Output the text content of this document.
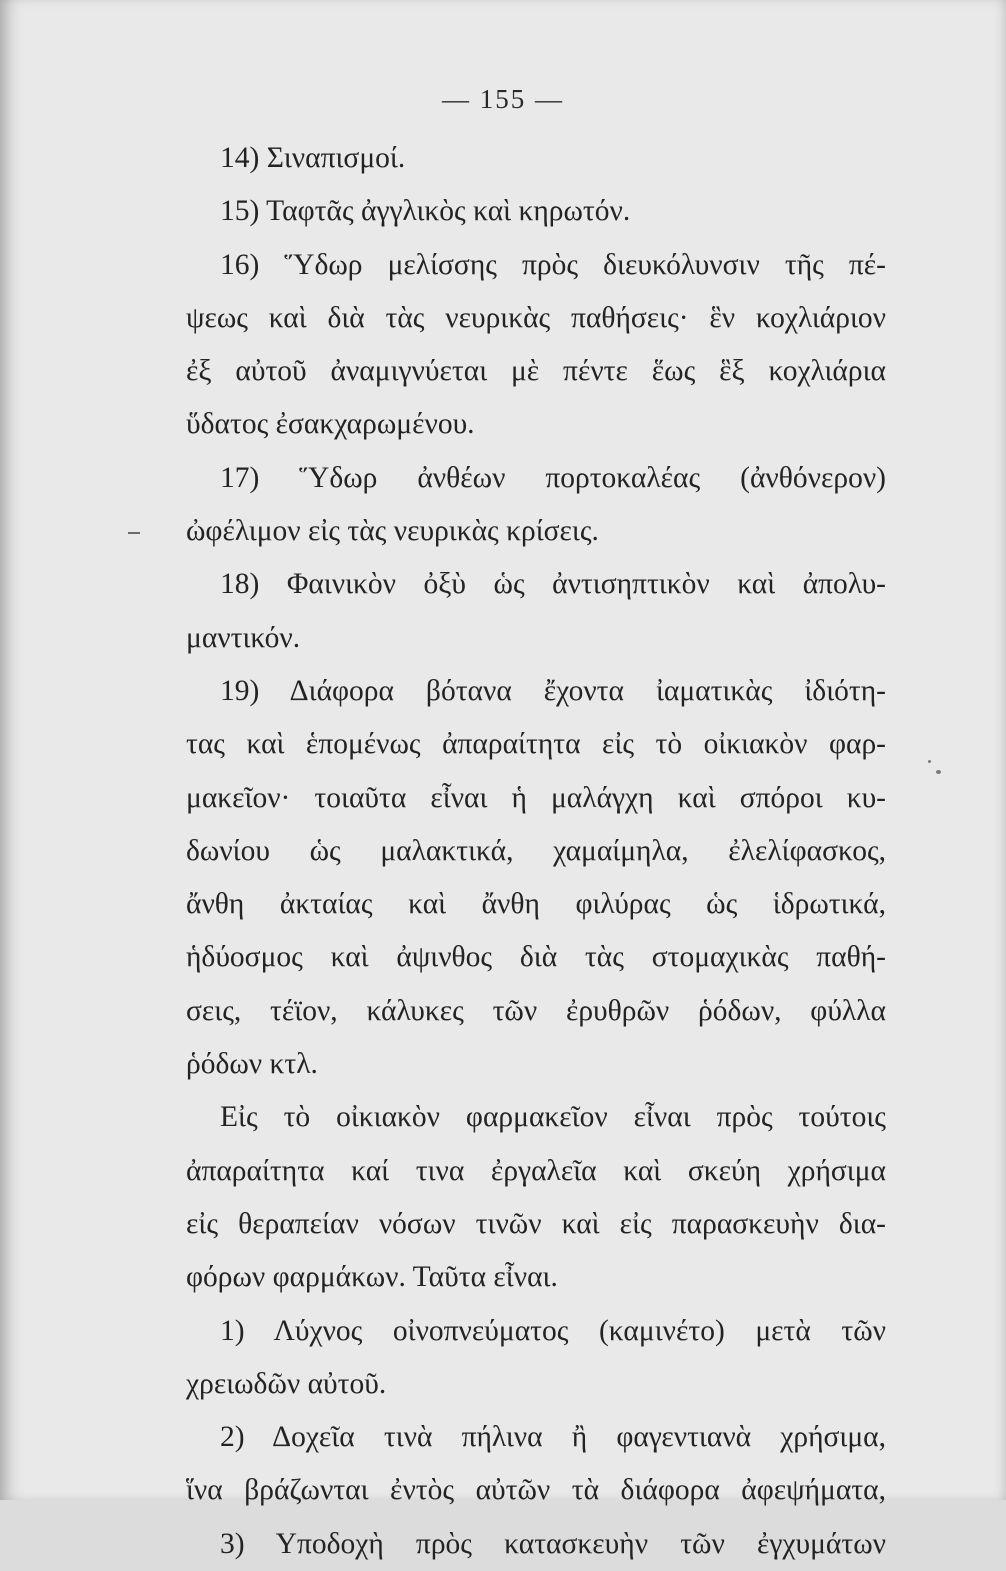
— 155 —
14) Σιναπισμοί.
15) Ταφτᾶς ἀγγλικὸς καὶ κηρωτόν.
16) Ὕδωρ μελίσσης πρὸς διευκόλυνσιν τῆς πέ-
ψεως καὶ διὰ τὰς νευρικὰς παθήσεις· ἓν κοχλιάριον
ἐξ αὐτοῦ ἀναμιγνύεται μὲ πέντε ἕως ἓξ κοχλιάρια
ὕδατος ἐσακχαρωμένου.
17) Ὕδωρ ἀνθέων πορτοκαλέας (ἀνθόνερον)
ὠφέλιμον εἰς τὰς νευρικὰς κρίσεις.
18) Φαινικὸν ὀξὺ ὡς ἀντισηπτικὸν καὶ ἀπολυ-
μαντικόν.
19) Διάφορα βότανα ἔχοντα ἰαματικὰς ἰδιότη-
τας καὶ ἑπομένως ἀπαραίτητα εἰς τὸ οἰκιακὸν φαρ-
μακεῖον· τοιαῦτα εἶναι ἡ μαλάγχη καὶ σπόροι κυ-
δωνίου ὡς μαλακτικά, χαμαίμηλα, ἐλελίφασκος,
ἄνθη ἀκταίας καὶ ἄνθη φιλύρας ὡς ἱδρωτικά,
ἡδύοσμος καὶ ἀψινθος διὰ τὰς στομαχικὰς παθή-
σεις, τέϊον, κάλυκες τῶν ἐρυθρῶν ῥόδων, φύλλα
ῥόδων κτλ.
Εἰς τὸ οἰκιακὸν φαρμακεῖον εἶναι πρὸς τούτοις
ἀπαραίτητα καί τινα ἐργαλεῖα καὶ σκεύη χρήσιμα
εἰς θεραπείαν νόσων τινῶν καὶ εἰς παρασκευὴν δια-
φόρων φαρμάκων. Ταῦτα εἶναι.
1) Λύχνος οἰνοπνεύματος (καμινέτο) μετὰ τῶν
χρειωδῶν αὐτοῦ.
2) Δοχεῖα τινὰ πήλινα ἢ φαγεντιανὰ χρήσιμα,
ἵνα βράζωνται ἐντὸς αὐτῶν τὰ διάφορα ἀφεψήματα,
3) Υποδοχὴ πρὸς κατασκευὴν τῶν ἐγχυμάτων
